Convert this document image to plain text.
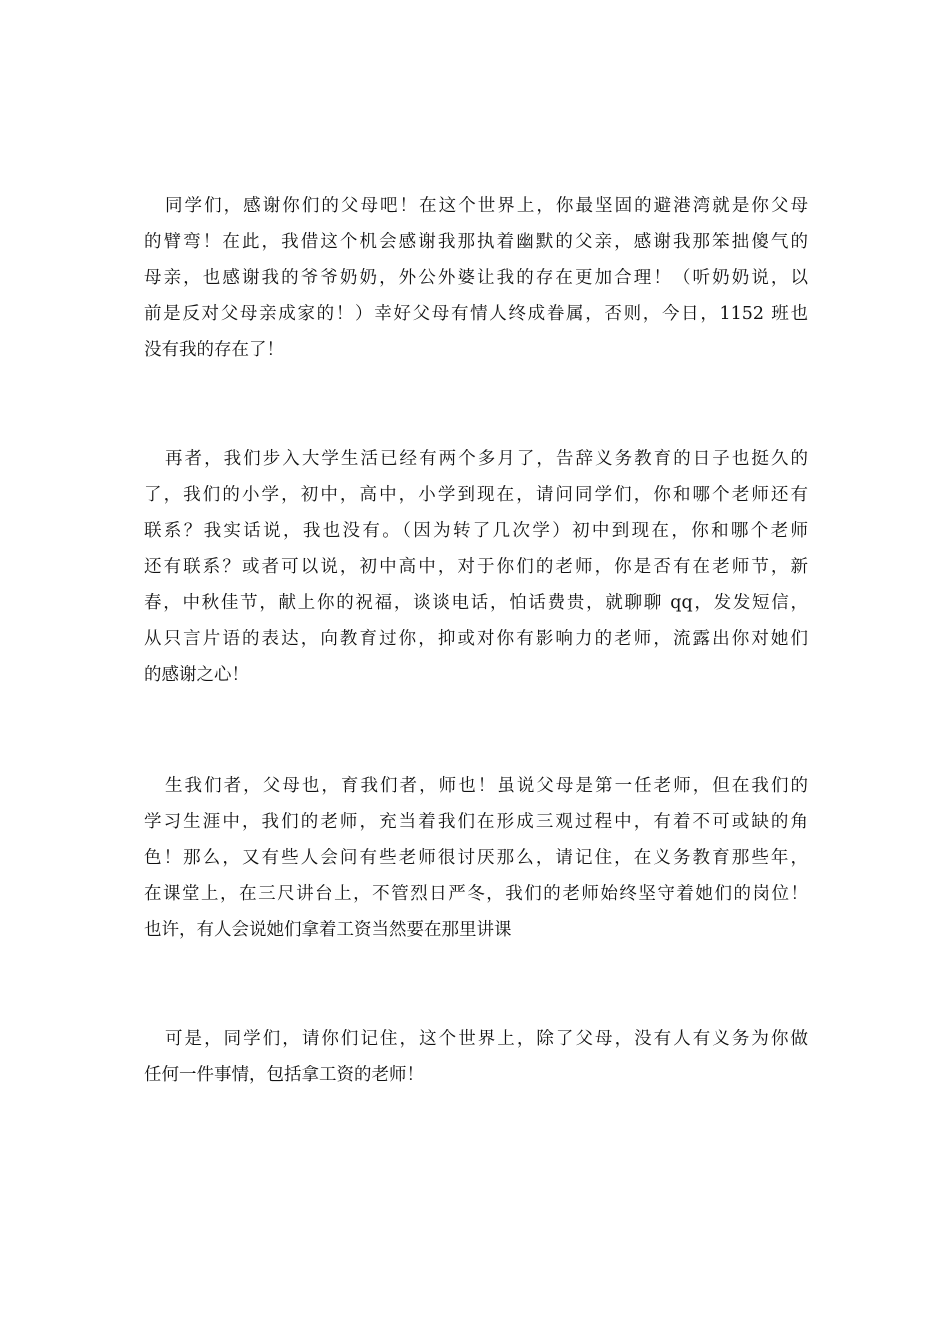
同学们，感谢你们的父母吧！在这个世界上，你最坚固的避港湾就是你父母
的臂弯！在此，我借这个机会感谢我那执着幽默的父亲，感谢我那笨拙傻气的
母亲，也感谢我的爷爷奶奶，外公外婆让我的存在更加合理！（听奶奶说，以
前是反对父母亲成家的！）幸好父母有情人终成眷属，否则，今日，1152 班也
没有我的存在了！
再者，我们步入大学生活已经有两个多月了，告辞义务教育的日子也挺久的
了，我们的小学，初中，高中，小学到现在，请问同学们，你和哪个老师还有
联系？我实话说，我也没有。（因为转了几次学）初中到现在，你和哪个老师
还有联系？或者可以说，初中高中，对于你们的老师，你是否有在老师节，新
春，中秋佳节，献上你的祝福，谈谈电话，怕话费贵，就聊聊 qq，发发短信，
从只言片语的表达，向教育过你，抑或对你有影响力的老师，流露出你对她们
的感谢之心！
生我们者，父母也，育我们者，师也！虽说父母是第一任老师，但在我们的
学习生涯中，我们的老师，充当着我们在形成三观过程中，有着不可或缺的角
色！那么，又有些人会问有些老师很讨厌那么，请记住，在义务教育那些年，
在课堂上，在三尺讲台上，不管烈日严冬，我们的老师始终坚守着她们的岗位！
也许，有人会说她们拿着工资当然要在那里讲课
可是，同学们，请你们记住，这个世界上，除了父母，没有人有义务为你做
任何一件事情，包括拿工资的老师！
